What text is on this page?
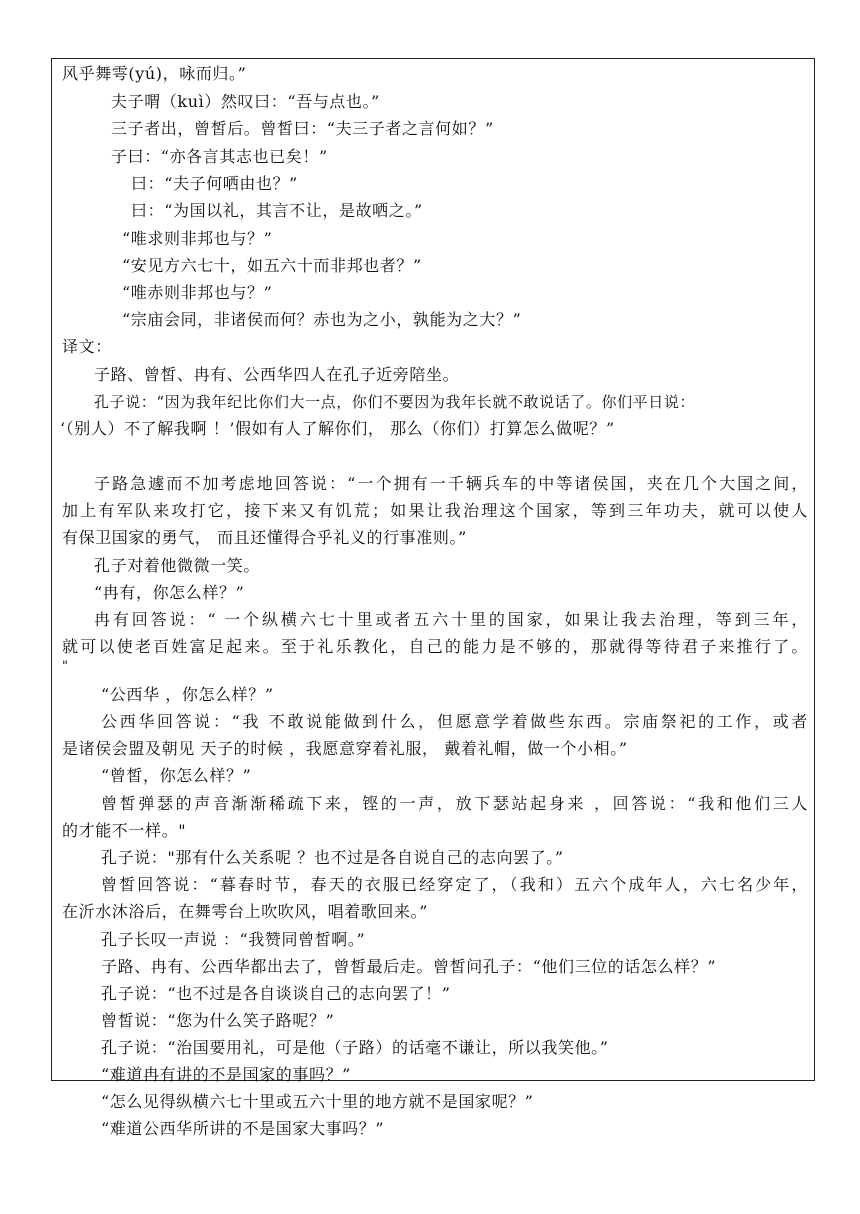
风乎舞雩(yú)，咏而归。”
夫子喟（kuì）然叹曰：“吾与点也。”
三子者出，曾皙后。曾皙曰：“夫三子者之言何如？”
子曰：“亦各言其志也已矣！”
曰：“夫子何哂由也？”
曰：“为国以礼，其言不让，是故哂之。”
“唯求则非邦也与？”
“安见方六七十，如五六十而非邦也者？”
“唯赤则非邦也与？”
“宗庙会同，非诸侯而何？赤也为之小，孰能为之大？”
译文：
子路、曾皙、冉有、公西华四人在孔子近旁陪坐。
孔子说：“因为我年纪比你们大一点，你们不要因为我年长就不敢说话了。你们平日说：
‘（别人）不了解我啊 ！’假如有人了解你们， 那么（你们）打算怎么做呢？”
子路急遽而不加考虑地回答说：“一个拥有一千辆兵车的中等诸侯国，夹在几个大国之间，
加上有军队来攻打它，接下来又有饥荒；如果让我治理这个国家，等到三年功夫，就可以使人
有保卫国家的勇气， 而且还懂得合乎礼义的行事准则。”
孔子对着他微微一笑。
“冉有，你怎么样？”
冉有回答说：“ 一个纵横六七十里或者五六十里的国家，如果让我去治理，等到三年，
就可以使老百姓富足起来。至于礼乐教化，自己的能力是不够的，那就得等待君子来推行了。
"
“公西华 ，你怎么样？”
公西华回答说：“我 不敢说能做到什么，但愿意学着做些东西。宗庙祭祀的工作，或者
是诸侯会盟及朝见 天子的时候 ，我愿意穿着礼服， 戴着礼帽，做一个小相。”
“曾皙，你怎么样？”
曾皙弹瑟的声音渐渐稀疏下来，铿的一声，放下瑟站起身来 ，回答说：“我和他们三人
的才能不一样。"
孔子说："那有什么关系呢 ？也不过是各自说自己的志向罢了。”
曾皙回答说：“暮春时节，春天的衣服已经穿定了，（我和）五六个成年人，六七名少年，
在沂水沐浴后，在舞雩台上吹吹风，唱着歌回来。”
孔子长叹一声说 ：“我赞同曾皙啊。”
子路、冉有、公西华都出去了，曾皙最后走。曾皙问孔子：“他们三位的话怎么样？”
孔子说：“也不过是各自谈谈自己的志向罢了！”
曾皙说：“您为什么笑子路呢？”
孔子说：“治国要用礼，可是他（子路）的话毫不谦让，所以我笑他。”
“难道冉有讲的不是国家的事吗？”
“怎么见得纵横六七十里或五六十里的地方就不是国家呢？”
“难道公西华所讲的不是国家大事吗？”
